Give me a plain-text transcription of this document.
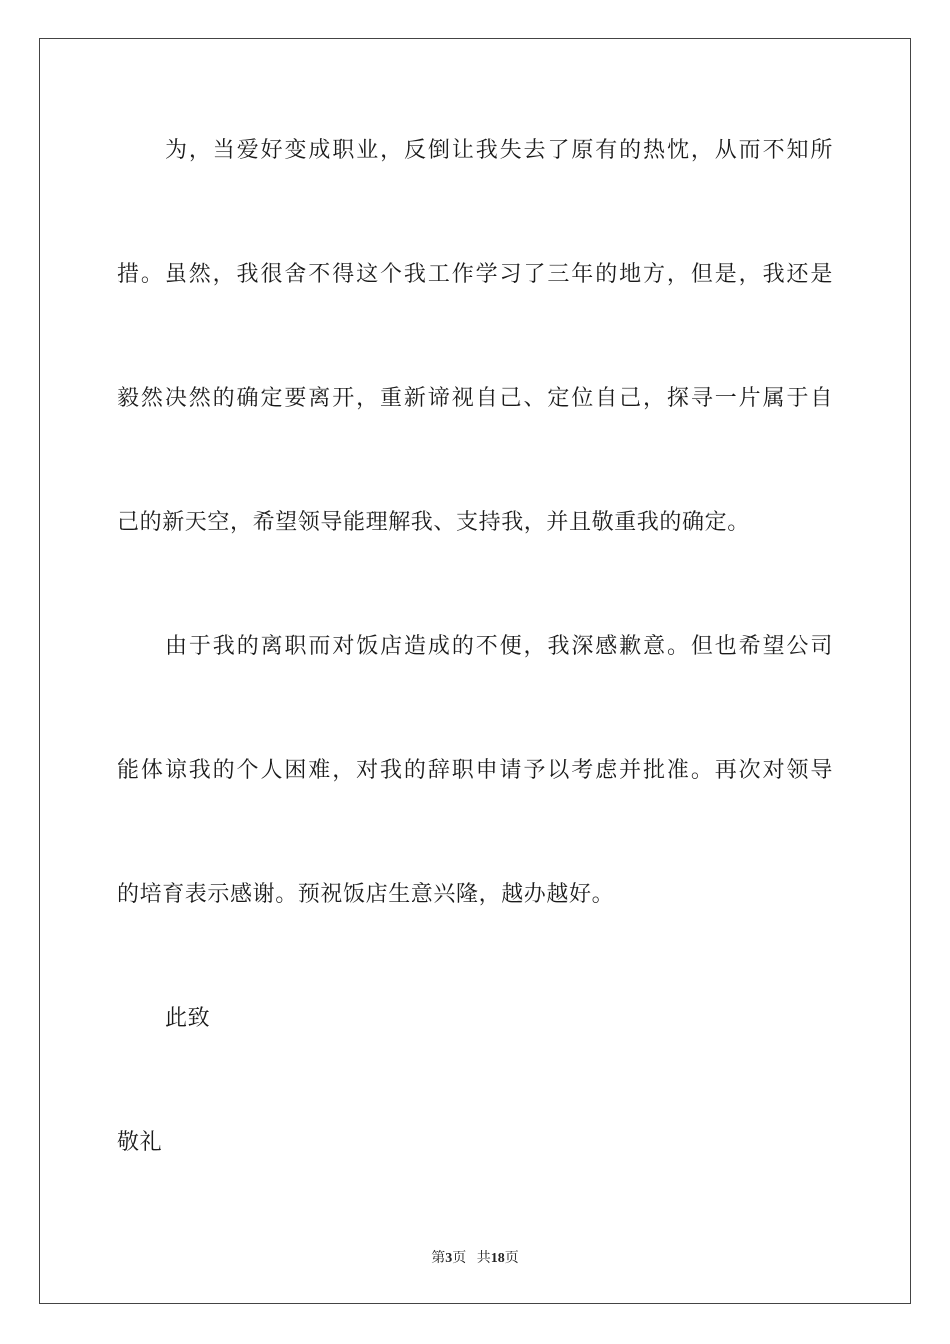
为，当爱好变成职业，反倒让我失去了原有的热忱，从而不知所
措。虽然，我很舍不得这个我工作学习了三年的地方，但是，我还是
毅然决然的确定要离开，重新谛视自己、定位自己，探寻一片属于自
己的新天空，希望领导能理解我、支持我，并且敬重我的确定。
由于我的离职而对饭店造成的不便，我深感歉意。但也希望公司
能体谅我的个人困难，对我的辞职申请予以考虑并批准。再次对领导
的培育表示感谢。预祝饭店生意兴隆，越办越好。
此致
敬礼
第3页   共18页
